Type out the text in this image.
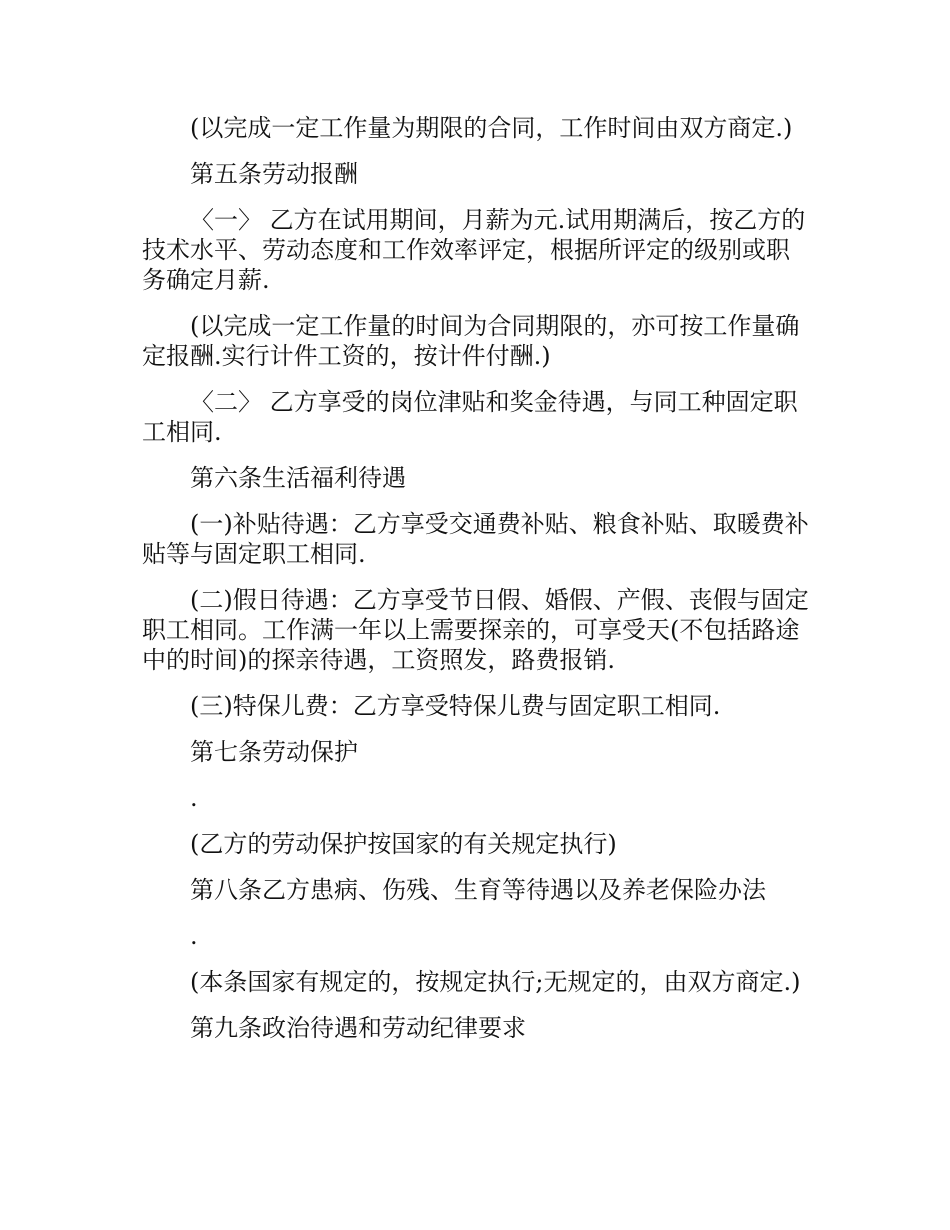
(以完成一定工作量为期限的合同，工作时间由双方商定.)

第五条劳动报酬

〈一〉 乙方在试用期间，月薪为元.试用期满后，按乙方的技术水平、劳动态度和工作效率评定，根据所评定的级别或职务确定月薪.

(以完成一定工作量的时间为合同期限的，亦可按工作量确定报酬.实行计件工资的，按计件付酬.)

〈二〉 乙方享受的岗位津贴和奖金待遇，与同工种固定职工相同.

第六条生活福利待遇

(一)补贴待遇：乙方享受交通费补贴、粮食补贴、取暖费补贴等与固定职工相同.

(二)假日待遇：乙方享受节日假、婚假、产假、丧假与固定职工相同。工作满一年以上需要探亲的，可享受天(不包括路途中的时间)的探亲待遇，工资照发，路费报销.

(三)特保儿费：乙方享受特保儿费与固定职工相同.

第七条劳动保护

.

(乙方的劳动保护按国家的有关规定执行)

第八条乙方患病、伤残、生育等待遇以及养老保险办法

.

(本条国家有规定的，按规定执行;无规定的，由双方商定.)

第九条政治待遇和劳动纪律要求
